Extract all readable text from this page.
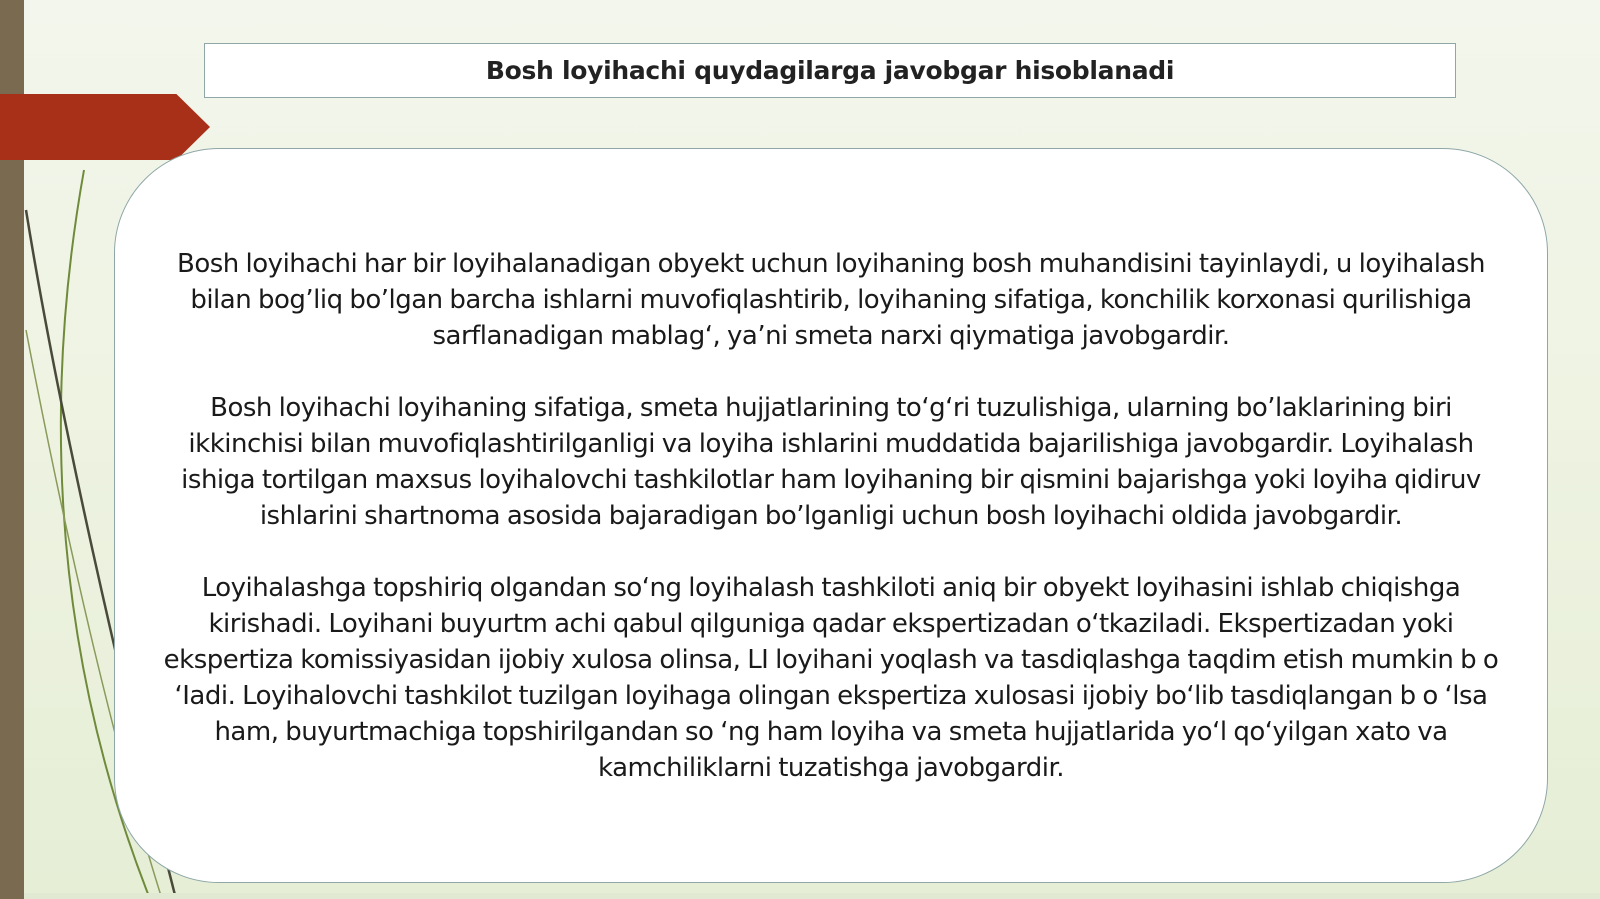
Bosh loyihachi quydagilarga javobgar hisoblanadi
Bosh loyihachi har bir loyihalanadigan obyekt uchun loyihaning bosh muhandisini tayinlaydi, u loyihalash bilan bog’liq bo’lgan barcha ishlarni muvofiqlashtirib, loyihaning sifatiga, konchilik korxonasi qurilishiga sarflanadigan mablag‘, ya’ni smeta narxi qiymatiga javobgardir.
Bosh loyihachi loyihaning sifatiga, smeta hujjatlarining to‘g‘ri tuzulishiga, ularning bo’laklarining biri ikkinchisi bilan muvofiqlashtirilganligi va loyiha ishlarini muddatida bajarilishiga javobgardir. Loyihalash ishiga tortilgan maxsus loyihalovchi tashkilotlar ham loyihaning bir qismini bajarishga yoki loyiha qidiruv ishlarini shartnoma asosida bajaradigan bo’lganligi uchun bosh loyihachi oldida javobgardir.
Loyihalashga topshiriq olgandan so‘ng loyihalash tashkiloti aniq bir obyekt loyihasini ishlab chiqishga kirishadi. Loyihani buyurtm achi qabul qilguniga qadar ekspertizadan o‘tkaziladi. Ekspertizadan yoki ekspertiza komissiyasidan ijobiy xulosa olinsa, LI loyihani yoqlash va tasdiqlashga taqdim etish mumkin b o ‘Iadi. Loyihalovchi tashkilot tuzilgan loyihaga olingan ekspertiza xulosasi ijobiy bo‘lib tasdiqlangan b o ‘lsa ham, buyurtmachiga topshirilgandan so ‘ng ham loyiha va smeta hujjatlarida yo‘l qo‘yilgan xato va kamchiliklarni tuzatishga javobgardir.
